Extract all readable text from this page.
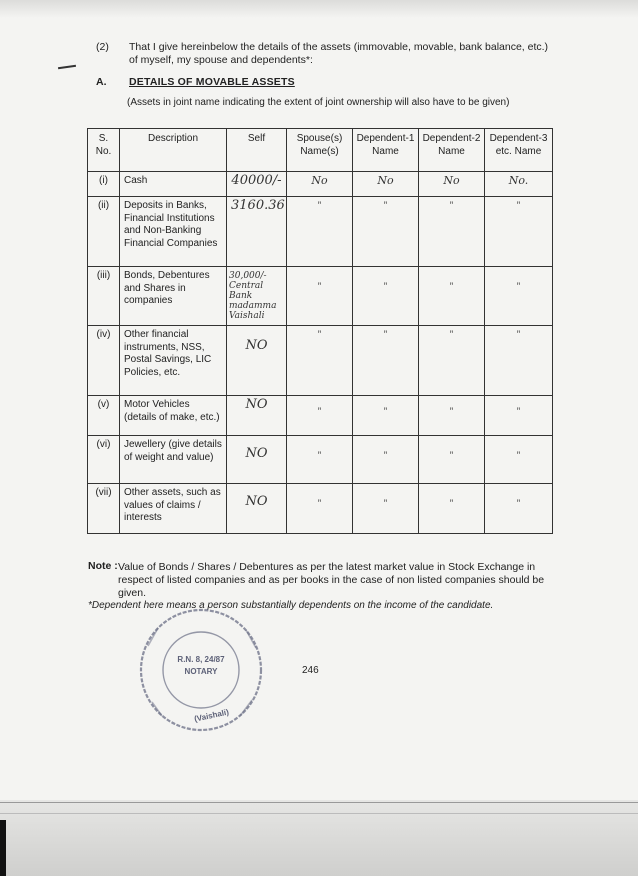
(2) That I give hereinbelow the details of the assets (immovable, movable, bank balance, etc.) of myself, my spouse and dependents*:
A. DETAILS OF MOVABLE ASSETS
(Assets in joint name indicating the extent of joint ownership will also have to be given)
S. No.	Description	Self	Spouse(s) Name(s)	Dependent-1 Name	Dependent-2 Name	Dependent-3 etc. Name
(i)	Cash	40000/-	No	No	No	No.
(ii)	Deposits in Banks, Financial Institutions and Non-Banking Financial Companies	3160.36	”	”	”	”
(iii)	Bonds, Debentures and Shares in companies	30,000/- Central Bank madamma Vaishali	”	”	”	”
(iv)	Other financial instruments, NSS, Postal Savings, LIC Policies, etc.	NO	”	”	”	”
(v)	Motor Vehicles (details of make, etc.)	NO	”	”	”	”
(vi)	Jewellery (give details of weight and value)	NO	”	”	”	”
(vii)	Other assets, such as values of claims / interests	NO	”	”	”	”
Note : Value of Bonds / Shares / Debentures as per the latest market value in Stock Exchange in respect of listed companies and as per books in the case of non listed companies should be given.
*Dependent here means a person substantially dependents on the income of the candidate.
R.N. 8, 24/87
NOTARY
(Vaishali)
246
